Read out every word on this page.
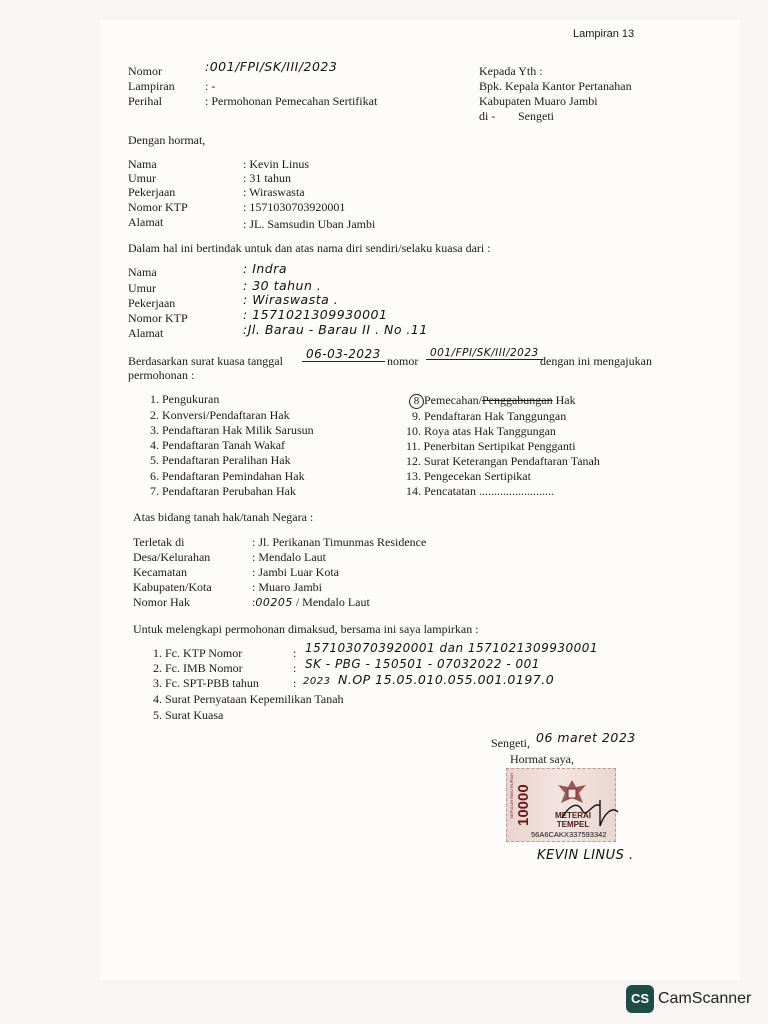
Lampiran 13
Nomor	:001/FPI/SK/III/2023
Lampiran	: -
Perihal	: Permohonan Pemecahan Sertifikat
Kepada Yth :
Bpk. Kepala Kantor Pertanahan
Kabupaten Muaro Jambi
di - Sengeti
Dengan hormat,
Nama	: Kevin Linus
Umur	: 31 tahun
Pekerjaan	: Wiraswasta
Nomor KTP	: 1571030703920001
Alamat	: JL. Samsudin Uban Jambi
Dalam hal ini bertindak untuk dan atas nama diri sendiri/selaku kuasa dari :
Nama	: Indra
Umur	: 30 tahun .
Pekerjaan	: Wiraswasta .
Nomor KTP	: 1571021309930001
Alamat	:Jl. Barau - Barau II . No .11
Berdasarkan surat kuasa tanggal	06-03-2023 nomor
001/FPI/SK/III/2023
dengan ini mengajukan
permohonan :
1. Pengukuran
2. Konversi/Pendaftaran Hak
3. Pendaftaran Hak Milik Sarusun
4. Pendaftaran Tanah Wakaf
5. Pendaftaran Peralihan Hak
6. Pendaftaran Pemindahan Hak
7. Pendaftaran Perubahan Hak
8 Pemecahan/Penggabungan Hak
9. Pendaftaran Hak Tanggungan
10. Roya atas Hak Tanggungan
11. Penerbitan Sertipikat Pengganti
12. Surat Keterangan Pendaftaran Tanah
13. Pengecekan Sertipikat
14. Pencatatan .........................
Atas bidang tanah hak/tanah Negara :
Terletak di	: Jl. Perikanan Timunmas Residence
Desa/Kelurahan	: Mendalo Laut
Kecamatan	: Jambi Luar Kota
Kabupaten/Kota	: Muaro Jambi
Nomor Hak	:00205 / Mendalo Laut
Untuk melengkapi permohonan dimaksud, bersama ini saya lampirkan :
1. Fc. KTP Nomor	: 1571030703920001 dan 1571021309930001
2. Fc. IMB Nomor	: SK - PBG - 150501 - 07032022 - 001
3. Fc. SPT-PBB tahun	: 2023 N.OP 15.05.010.055.001.0197.0
4. Surat Pernyataan Kepemilikan Tanah
5. Surat Kuasa
Sengeti, 06 maret 2023
Hormat saya,
SEPULUH RIBU RUPIAH 10000	METERAI
TEMPEL
56A6CAKX337593342
KEVIN LINUS .
CS CamScanner
